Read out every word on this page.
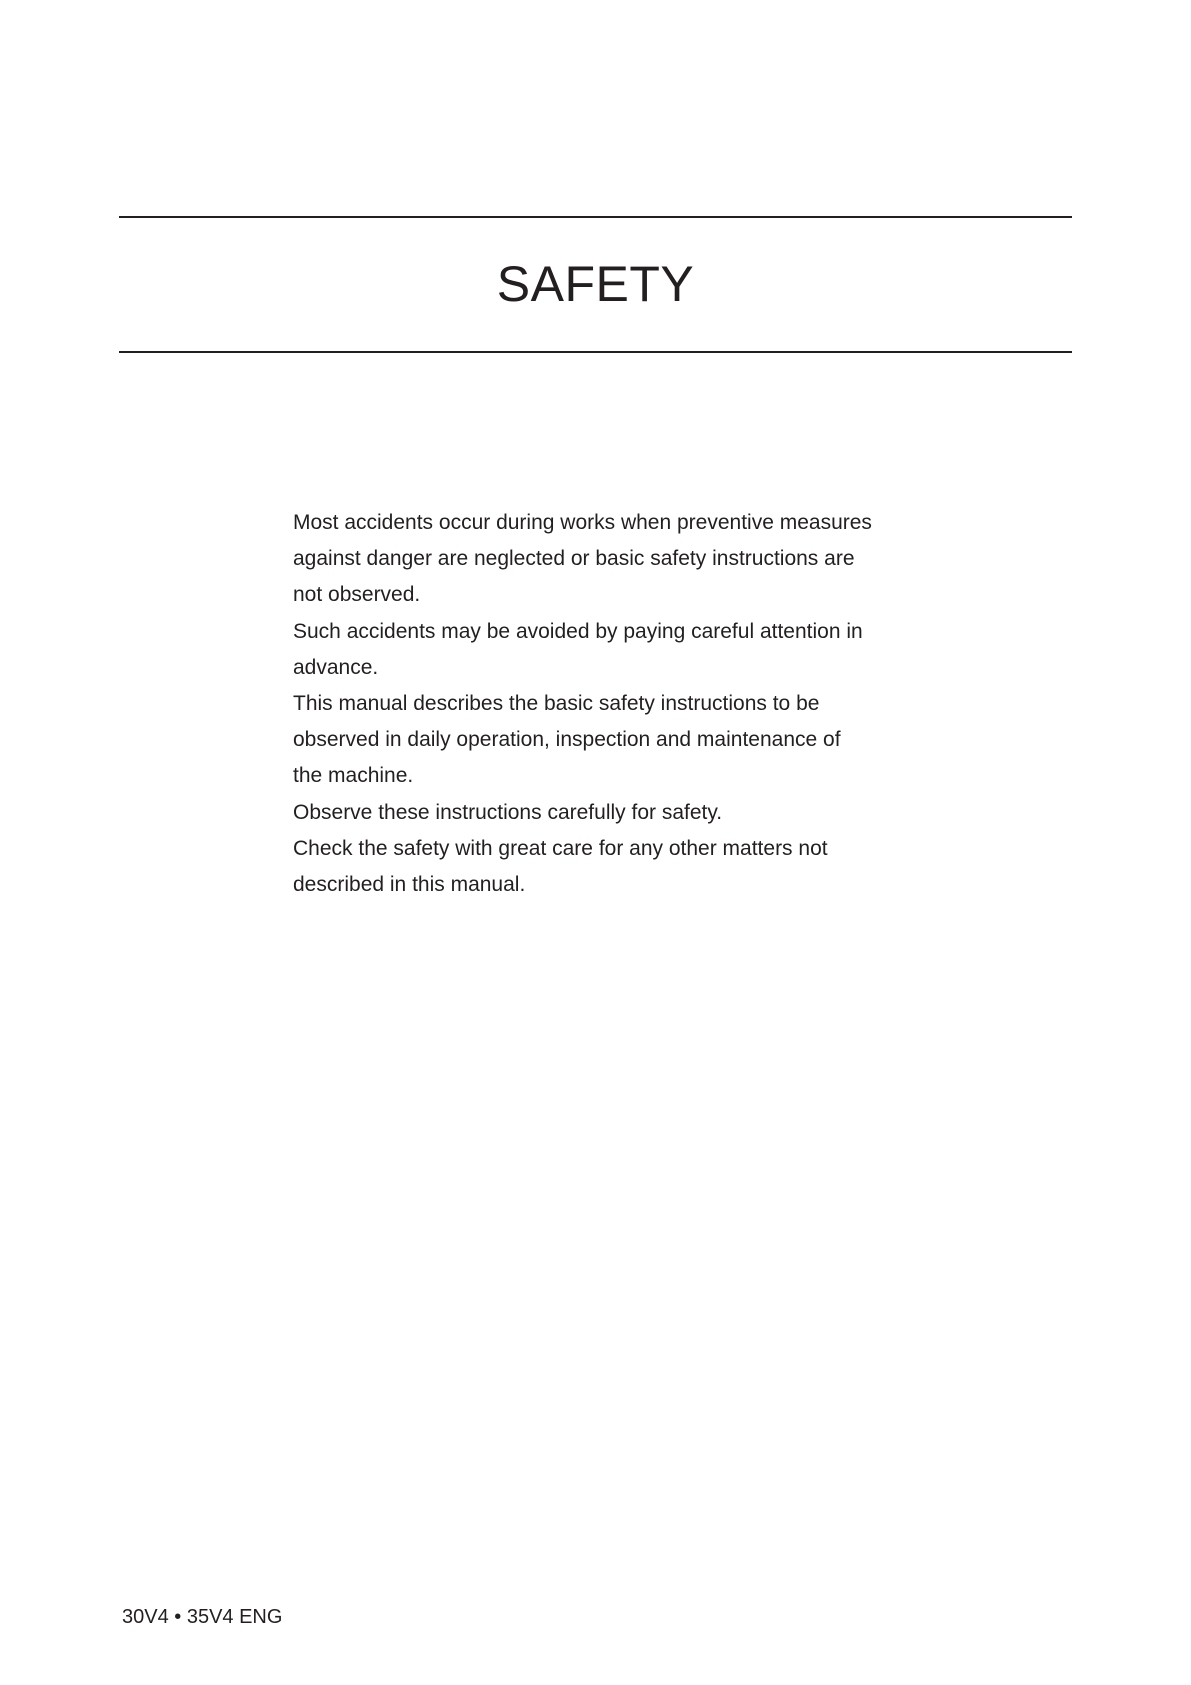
SAFETY
Most accidents occur during works when preventive measures
against danger are neglected or basic safety instructions are
not observed.
Such accidents may be avoided by paying careful attention in
advance.
This manual describes the basic safety instructions to be
observed in daily operation, inspection and maintenance of
the machine.
Observe these instructions carefully for safety.
Check the safety with great care for any other matters not
described in this manual.
30V4 • 35V4 ENG
